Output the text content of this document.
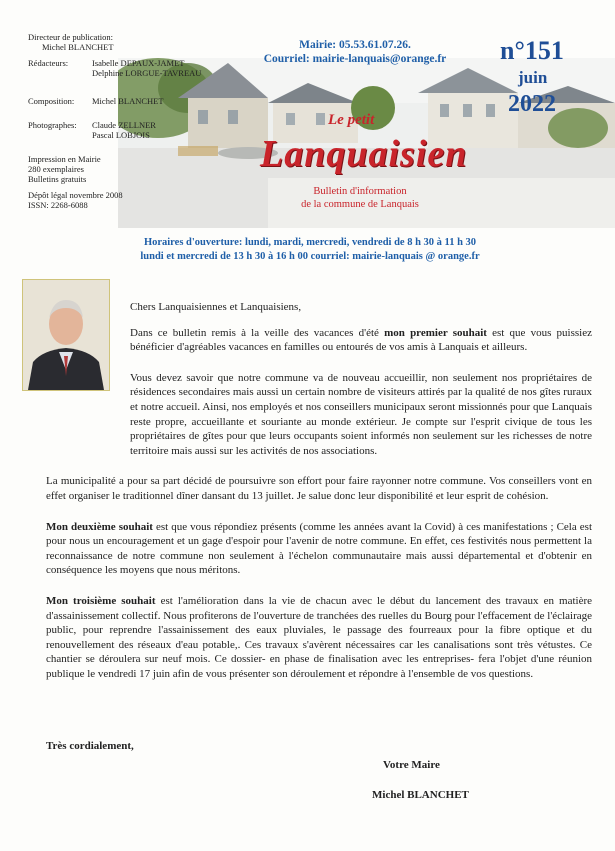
Directeur de publication:
Michel BLANCHET
Rédacteurs:	Isabelle DEPAUX-JAMET
Delphine LORGUE-TAVREAU
Composition:	Michel BLANCHET
Photographes:	Claude ZELLNER
Pascal LOBJOIS
Impression en Mairie
280 exemplaires
Bulletins gratuits
Dépôt légal novembre 2008
ISSN: 2268-6088
Mairie: 05.53.61.07.26.
Courriel: mairie-lanquais@orange.fr	n°151
juin
2022
Le petit
Lanquaisien
Bulletin d'information
de la commune de Lanquais
Horaires d'ouverture: lundi, mardi, mercredi, vendredi de 8 h 30 à 11 h 30
lundi et mercredi de 13 h 30 à 16 h 00 courriel: mairie-lanquais @ orange.fr

Chers Lanquaisiennes et Lanquaisiens,

Dans ce bulletin remis à la veille des vacances d'été mon premier souhait est que vous puissiez bénéficier d'agréables vacances en familles ou entourés de vos amis à Lanquais et ailleurs.

Vous devez savoir que notre commune va de nouveau accueillir, non seulement nos propriétaires de résidences secondaires mais aussi un certain nombre de visiteurs attirés par la qualité de nos gîtes ruraux et notre accueil. Ainsi, nos employés et nos conseillers municipaux seront missionnés pour que Lanquais reste propre, accueillante et souriante au monde extérieur. Je compte sur l'esprit civique de tous les propriétaires de gîtes pour que leurs occupants soient informés non seulement sur les richesses de notre territoire mais aussi sur les activités de nos associations.

La municipalité a pour sa part décidé de poursuivre son effort pour faire rayonner notre commune. Vos conseillers vont en effet organiser le traditionnel dîner dansant du 13 juillet. Je salue donc leur disponibilité et leur esprit de cohésion.

Mon deuxième souhait est que vous répondiez présents (comme les années avant la Covid) à ces manifestations ; Cela est pour nous un encouragement et un gage d'espoir pour l'avenir de notre commune. En effet, ces festivités nous permettent la reconnaissance de notre commune non seulement à l'échelon communautaire mais aussi départemental et d'obtenir en conséquence les moyens que nous méritons.

Mon troisième souhait est l'amélioration dans la vie de chacun avec le début du lancement des travaux en matière d'assainissement collectif. Nous profiterons de l'ouverture de tranchées des ruelles du Bourg pour l'effacement de l'éclairage public, pour reprendre l'assainissement des eaux pluviales, le passage des fourreaux pour la fibre optique et du renouvellement des réseaux d'eau potable,. Ces travaux s'avèrent nécessaires car les canalisations sont très vétustes. Ce chantier se déroulera sur neuf mois. Ce dossier- en phase de finalisation avec les entreprises- fera l'objet d'une réunion publique le vendredi 17 juin afin de vous présenter son déroulement et répondre à l'ensemble de vos questions.

Très cordialement,
Votre Maire
Michel BLANCHET
